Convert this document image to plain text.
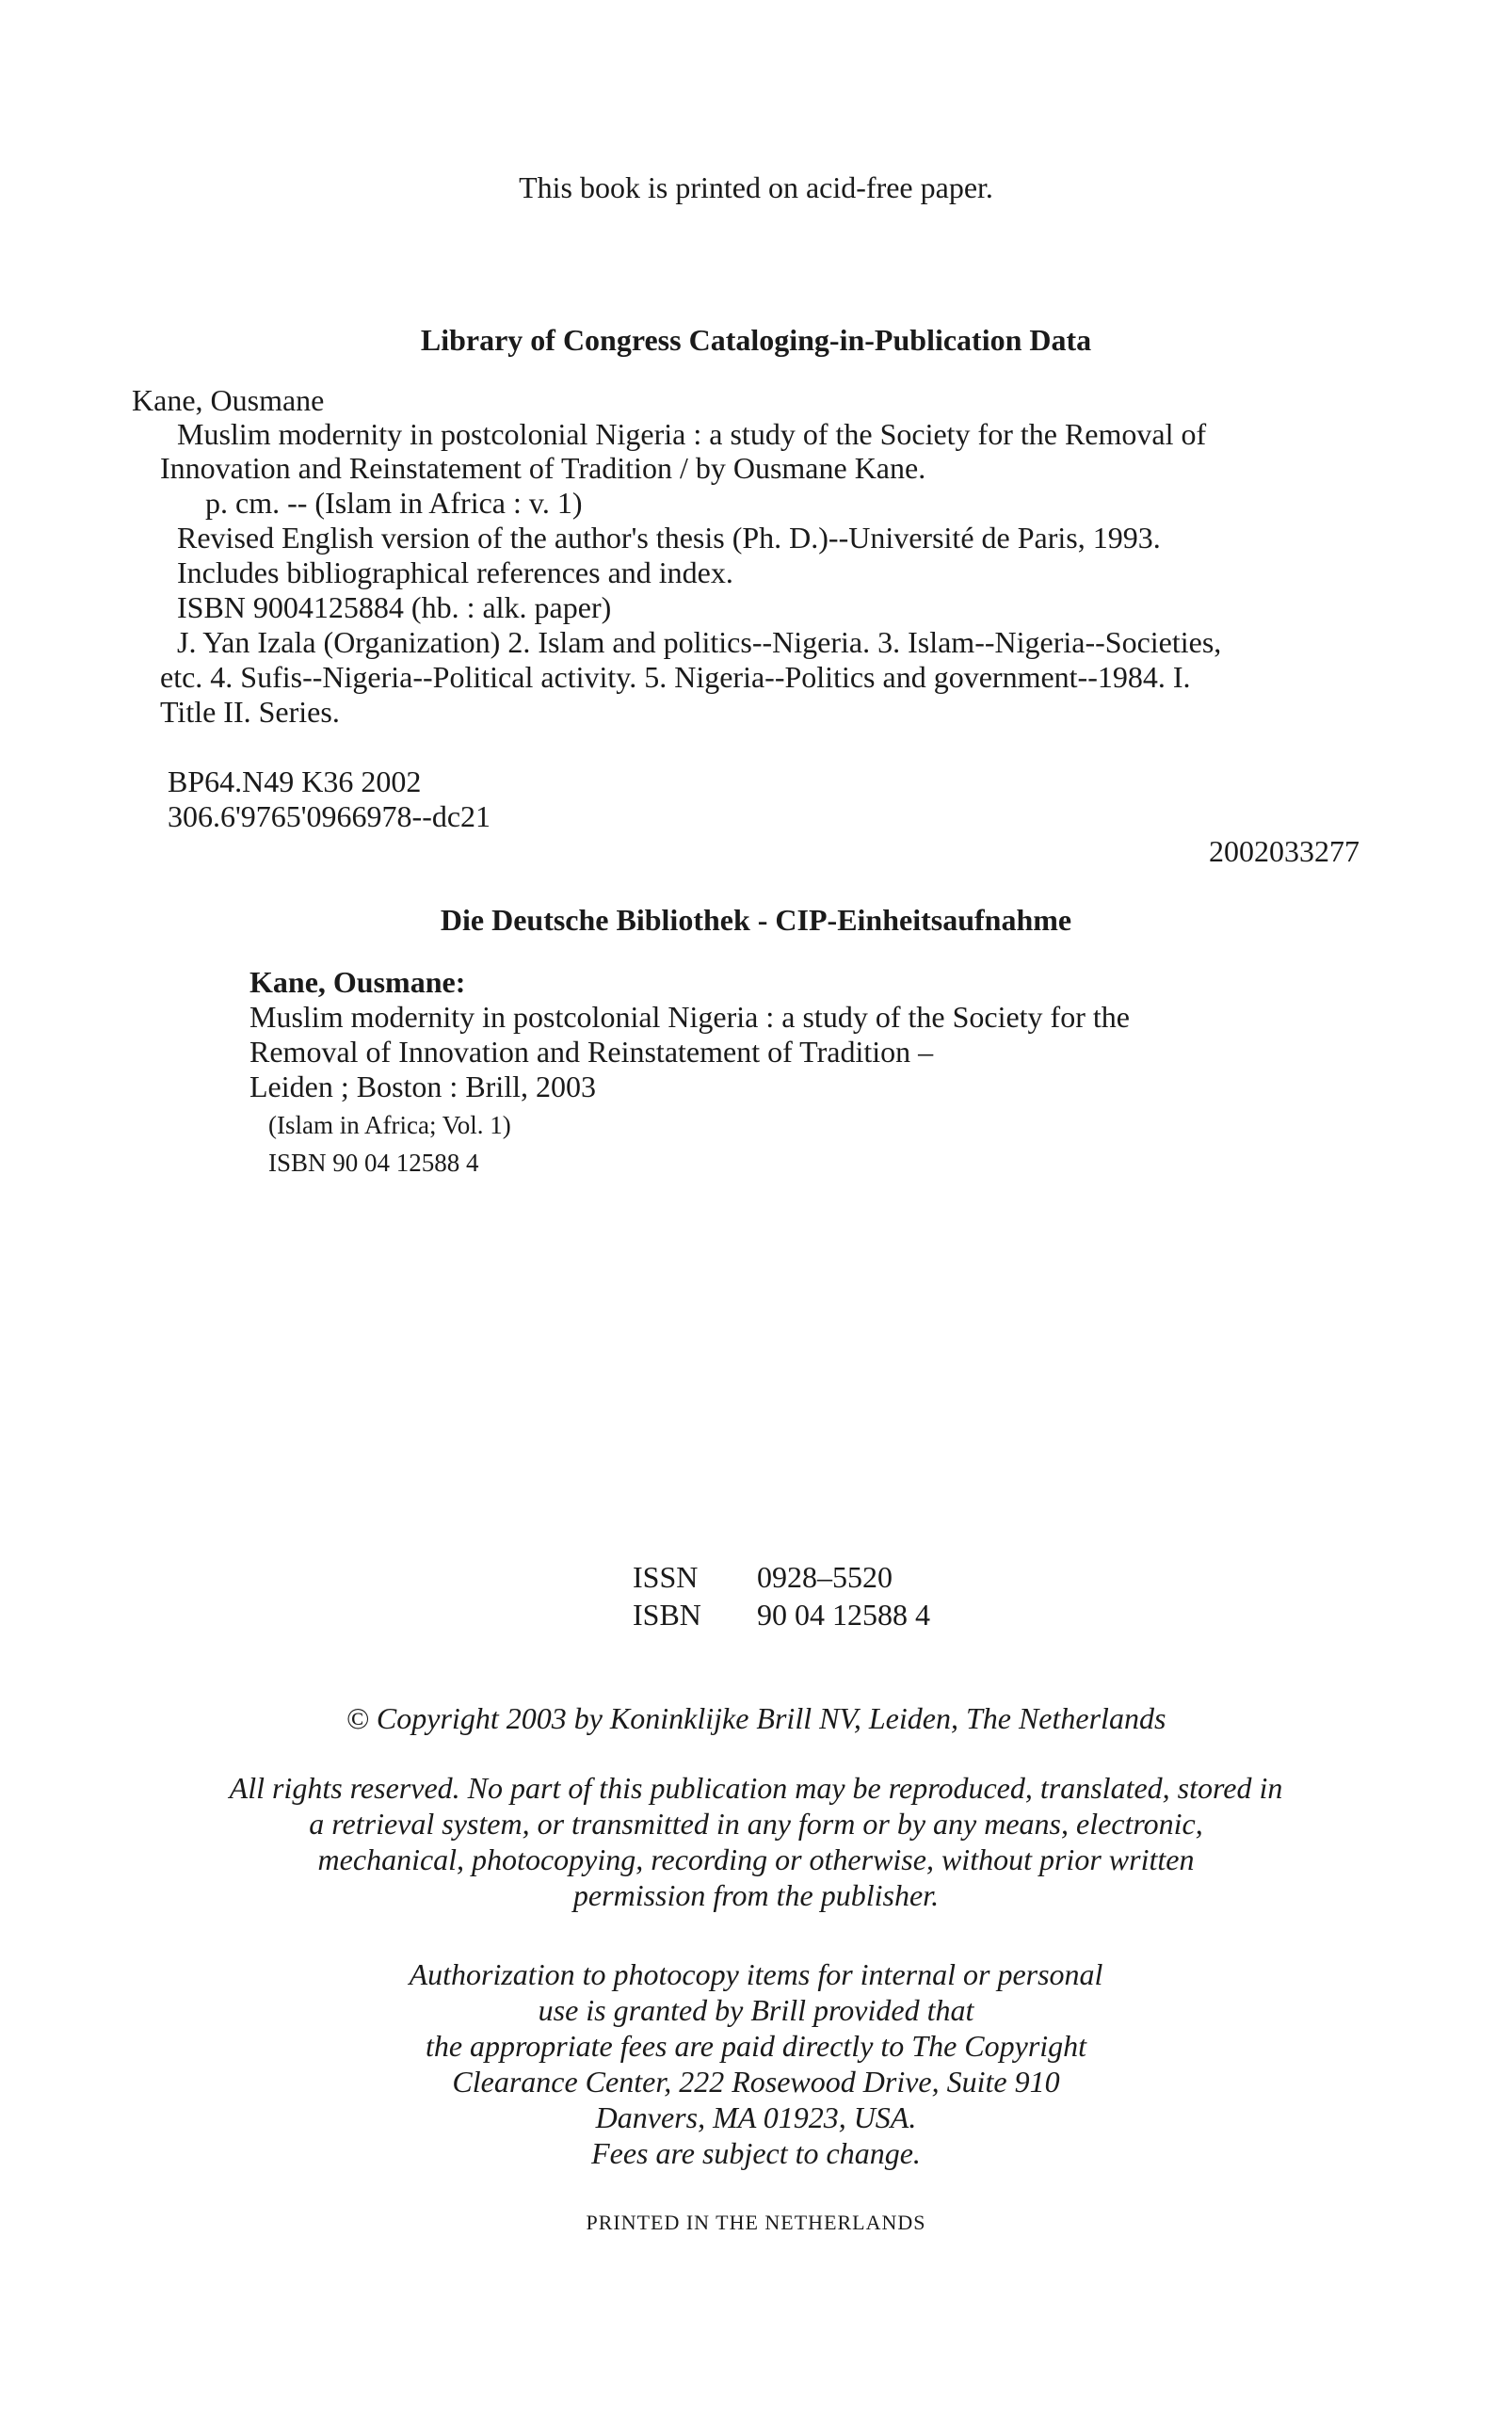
This book is printed on acid-free paper.
Library of Congress Cataloging-in-Publication Data
Kane, Ousmane
Muslim modernity in postcolonial Nigeria : a study of the Society for the Removal of
Innovation and Reinstatement of Tradition / by Ousmane Kane.
p. cm. -- (Islam in Africa : v. 1)
Revised English version of the author's thesis (Ph. D.)--Université de Paris, 1993.
Includes bibliographical references and index.
ISBN 9004125884 (hb. : alk. paper)
J. Yan Izala (Organization) 2. Islam and politics--Nigeria. 3. Islam--Nigeria--Societies,
etc. 4. Sufis--Nigeria--Political activity. 5. Nigeria--Politics and government--1984. I.
Title II. Series.
BP64.N49 K36 2002
306.6'9765'0966978--dc21
2002033277
Die Deutsche Bibliothek - CIP-Einheitsaufnahme
Kane, Ousmane:
Muslim modernity in postcolonial Nigeria : a study of the Society for the
Removal of Innovation and Reinstatement of Tradition –
Leiden ; Boston : Brill, 2003
(Islam in Africa; Vol. 1)
ISBN 90 04 12588 4
ISSN 0928–5520
ISBN 90 04 12588 4
© Copyright 2003 by Koninklijke Brill NV, Leiden, The Netherlands
All rights reserved. No part of this publication may be reproduced, translated, stored in
a retrieval system, or transmitted in any form or by any means, electronic,
mechanical, photocopying, recording or otherwise, without prior written
permission from the publisher.
Authorization to photocopy items for internal or personal
use is granted by Brill provided that
the appropriate fees are paid directly to The Copyright
Clearance Center, 222 Rosewood Drive, Suite 910
Danvers, MA 01923, USA.
Fees are subject to change.
PRINTED IN THE NETHERLANDS
